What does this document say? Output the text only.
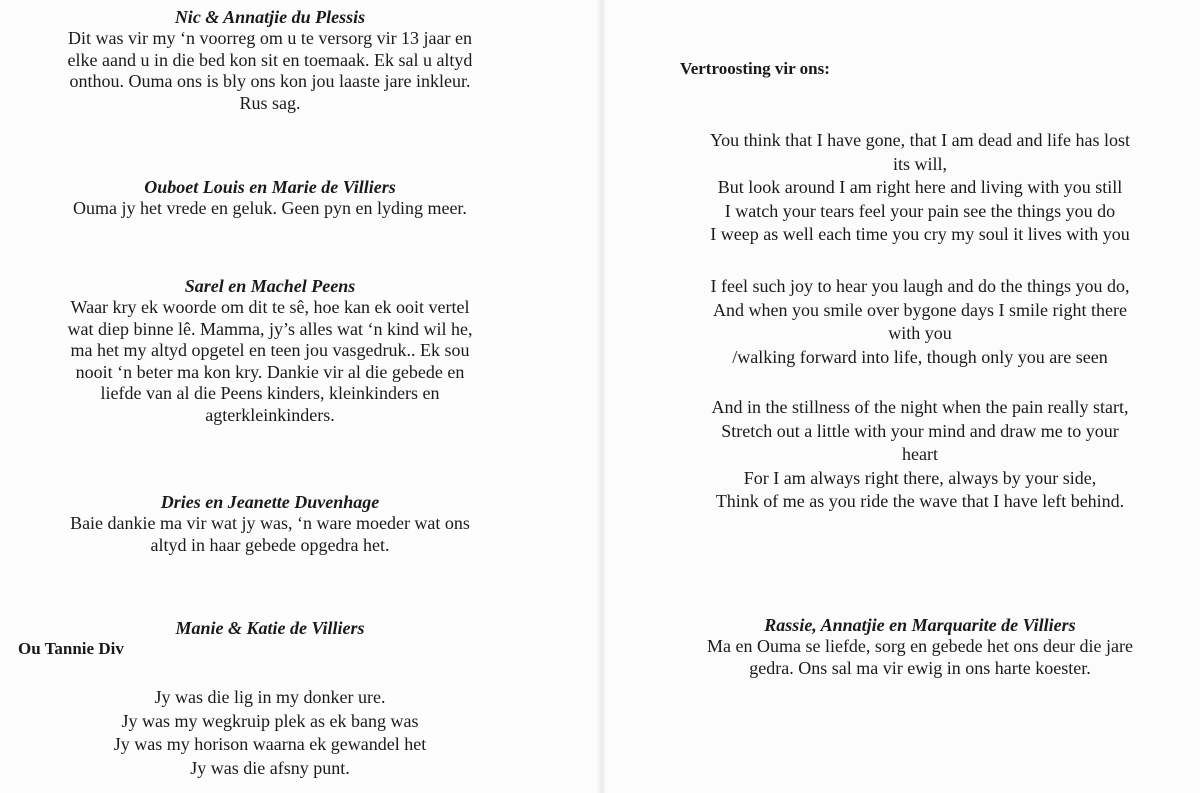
Nic & Annatjie du Plessis

Dit was vir my ‘n voorreg om u te versorg vir 13 jaar en

elke aand u in die bed kon sit en toemaak. Ek sal u altyd

onthou. Ouma ons is bly ons kon jou laaste jare inkleur.

Rus sag.

Ouboet Louis en Marie de Villiers

Ouma jy het vrede en geluk. Geen pyn en lyding meer.

Sarel en Machel Peens

Waar kry ek woorde om dit te sê, hoe kan ek ooit vertel

wat diep binne lê. Mamma, jy’s alles wat ‘n kind wil he,

ma het my altyd opgetel en teen jou vasgedruk.. Ek sou

nooit ‘n beter ma kon kry. Dankie vir al die gebede en

liefde van al die Peens kinders, kleinkinders en

agterkleinkinders.

Dries en Jeanette Duvenhage

Baie dankie ma vir wat jy was, ‘n ware moeder wat ons

altyd in haar gebede opgedra het.

Manie & Katie de Villiers

Ou Tannie Div

Jy was die lig in my donker ure.

Jy was my wegkruip plek as ek bang was

Jy was my horison waarna ek gewandel het

Jy was die afsny punt.

Vertroosting vir ons:

You think that I have gone, that I am dead and life has lost

its will,

But look around I am right here and living with you still

I watch your tears feel your pain see the things you do

I weep as well each time you cry my soul it lives with you

I feel such joy to hear you laugh and do the things you do,

And when you smile over bygone days I smile right there

with you

/walking forward into life, though only you are seen

And in the stillness of the night when the pain really start,

Stretch out a little with your mind and draw me to your

heart

For I am always right there, always by your side,

Think of me as you ride the wave that I have left behind.

Rassie, Annatjie en Marquarite de Villiers

Ma en Ouma se liefde, sorg en gebede het ons deur die jare

gedra. Ons sal ma vir ewig in ons harte koester.
